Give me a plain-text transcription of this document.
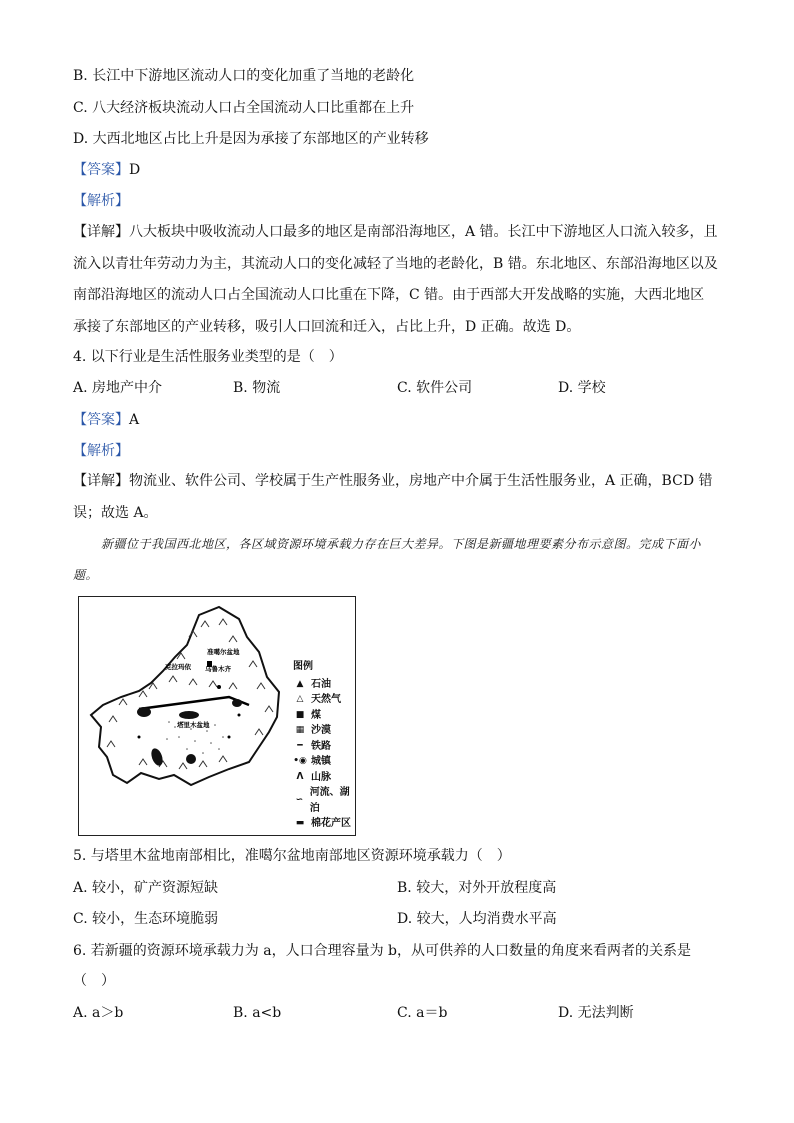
B. 长江中下游地区流动人口的变化加重了当地的老龄化
C. 八大经济板块流动人口占全国流动人口比重都在上升
D. 大西北地区占比上升是因为承接了东部地区的产业转移
【答案】D
【解析】
【详解】八大板块中吸收流动人口最多的地区是南部沿海地区，A 错。长江中下游地区人口流入较多，且流入以青壮年劳动力为主，其流动人口的变化减轻了当地的老龄化，B 错。东北地区、东部沿海地区以及南部沿海地区的流动人口占全国流动人口比重在下降，C 错。由于西部大开发战略的实施，大西北地区承接了东部地区的产业转移，吸引人口回流和迁入，占比上升，D 正确。故选 D。
4. 以下行业是生活性服务业类型的是（　）
A. 房地产中介	B. 物流	C. 软件公司	D. 学校
【答案】A
【解析】
【详解】物流业、软件公司、学校属于生产性服务业，房地产中介属于生活性服务业，A 正确，BCD 错误；故选 A。
新疆位于我国西北地区，各区域资源环境承载力存在巨大差异。下图是新疆地理要素分布示意图。完成下面小题。
准噶尔盆地
克拉玛依 乌鲁木齐
塔里木盆地
图例
▲ 石油
△ 天然气
■ 煤
▦ 沙漠
━ 铁路
•◉ 城镇
ᐱ 山脉
∽
河流、湖泊
▬ 棉花产区
5. 与塔里木盆地南部相比，准噶尔盆地南部地区资源环境承载力（　）
A. 较小，矿产资源短缺	B. 较大，对外开放程度高
C. 较小，生态环境脆弱	D. 较大，人均消费水平高
6. 若新疆的资源环境承载力为 a，人口合理容量为 b，从可供养的人口数量的角度来看两者的关系是
（　）
A. a＞b	B. a<b	C. a＝b	D. 无法判断
